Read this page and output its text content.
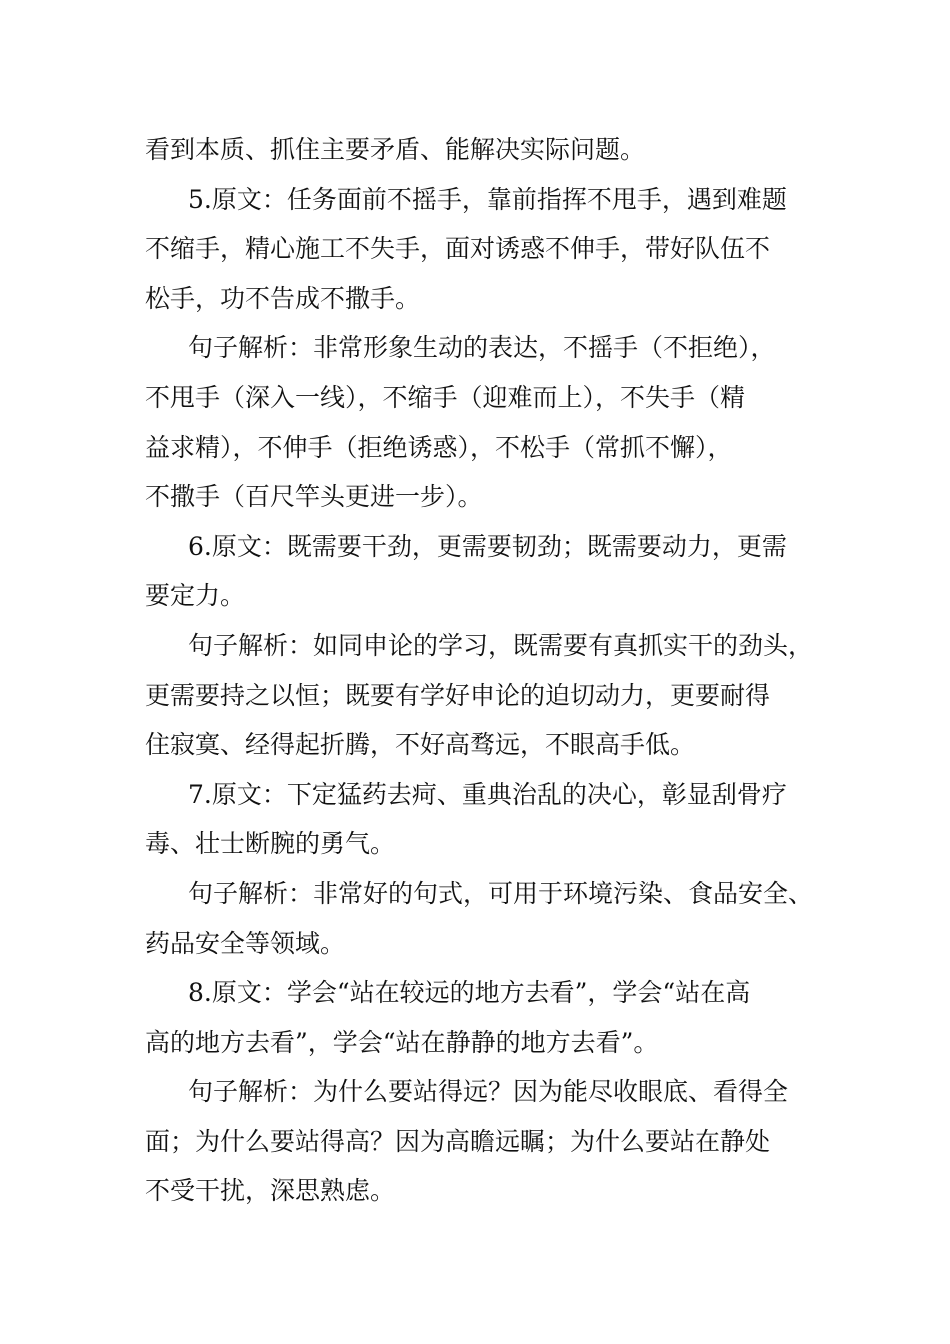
看到本质、抓住主要矛盾、能解决实际问题。

5.原文：任务面前不摇手，靠前指挥不甩手，遇到难题
不缩手，精心施工不失手，面对诱惑不伸手，带好队伍不
松手，功不告成不撒手。

句子解析：非常形象生动的表达，不摇手（不拒绝），
不甩手（深入一线），不缩手（迎难而上），不失手（精
益求精），不伸手（拒绝诱惑），不松手（常抓不懈），
不撒手（百尺竿头更进一步）。

6.原文：既需要干劲，更需要韧劲；既需要动力，更需
要定力。

句子解析：如同申论的学习，既需要有真抓实干的劲头，
更需要持之以恒；既要有学好申论的迫切动力，更要耐得
住寂寞、经得起折腾，不好高骛远，不眼高手低。

7.原文：下定猛药去疴、重典治乱的决心，彰显刮骨疗
毒、壮士断腕的勇气。

句子解析：非常好的句式，可用于环境污染、食品安全、
药品安全等领域。

8.原文：学会“站在较远的地方去看”，学会“站在高
高的地方去看”，学会“站在静静的地方去看”。

句子解析：为什么要站得远？因为能尽收眼底、看得全
面；为什么要站得高？因为高瞻远瞩；为什么要站在静处
不受干扰，深思熟虑。
